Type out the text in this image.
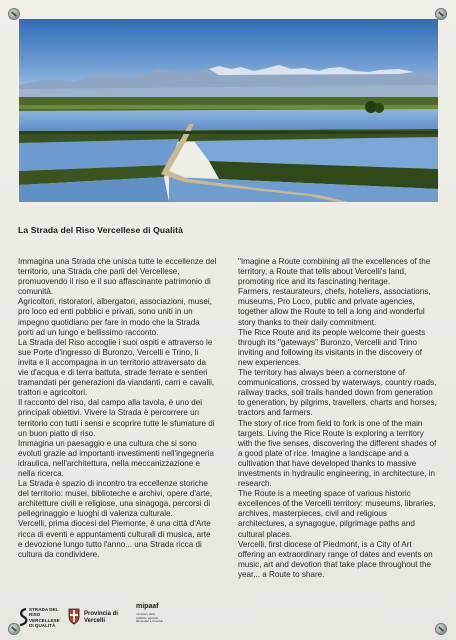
La Strada del Riso Vercellese di Qualità

Immagina una Strada che unisca tutte le eccellenze del territorio, una Strada che parli del Vercellese, promuovendo il riso e il suo affascinante patrimonio di comunità.

Agricoltori, ristoratori, albergatori, associazioni, musei, pro loco ed enti pubblici e privati, sono uniti in un impegno quotidiano per fare in modo che la Strada porti ad un lungo e bellissimo racconto.

La Strada del Riso accoglie i suoi ospiti e attraverso le sue Porte d'ingresso di Buronzo, Vercelli e Trino, li invita e li accompagna in un territorio attraversato da vie d'acqua e di terra battuta, strade ferrate e sentieri tramandati per generazioni da viandanti, carri e cavalli, trattori e agricoltori.

Il racconto del riso, dal campo alla tavola, è uno dei principali obiettivi. Vivere la Strada è percorrere un territorio con tutti i sensi e scoprire tutte le sfumature di un buon piatto di riso.

Immagina un paesaggio e una cultura che si sono evoluti grazie ad importanti investimenti nell'ingegneria idraulica, nell'architettura, nella meccanizzazione e nella ricerca.

La Strada è spazio di incontro tra eccellenze storiche del territorio: musei, biblioteche e archivi, opere d'arte, architetture civili e religiose, una sinagoga, percorsi di pellegrinaggio e luoghi di valenza culturale.

Vercelli, prima diocesi del Piemonte, è una città d'Arte ricca di eventi e appuntamenti culturali di musica, arte e devozione lungo tutto l'anno... una Strada ricca di cultura da condividere.

"Imagine a Route combining all the excellences of the territory, a Route that tells about Vercelli's land, promoting rice and its fascinating heritage.

Farmers, restaurateurs, chefs, hoteliers, associations, museums, Pro Loco, public and private agencies, together allow the Route to tell a long and wonderful story thanks to their daily commitment.

The Rice Route and its people welcome their guests through its "gateways" Buronzo, Vercelli and Trino inviting and following its visitants in the discovery of new experiences.

The territory has always been a cornerstone of communications, crossed by waterways, country roads, railway tracks, soil trails handed down from generation to generation, by pilgrims, travellers, charts and horses, tractors and farmers.

The story of rice from field to fork is one of the main targets. Living the Rice Route is exploring a territory with the five senses, discovering the different shades of a good plate of rice. Imagine a landscape and a cultivation that have developed thanks to massive investments in hydraulic engineering, in architecture, in research.

The Route is a meeting space of various historic excellences of the Vercelli territory: museums, libraries, archives, masterpieces, civil and religious architectures, a synagogue, pilgrimage paths and cultural places.

Vercelli, first diocese of Piedmont, is a City of Art offering an extraordinary range of dates and events on music, art and devotion that take place throughout the year... a Route to share.

STRADA DEL RISO VERCELLESE DI QUALITÀ
Provincia di Vercelli
mipaaf
ministero delle politiche agricole alimentari e forestali
